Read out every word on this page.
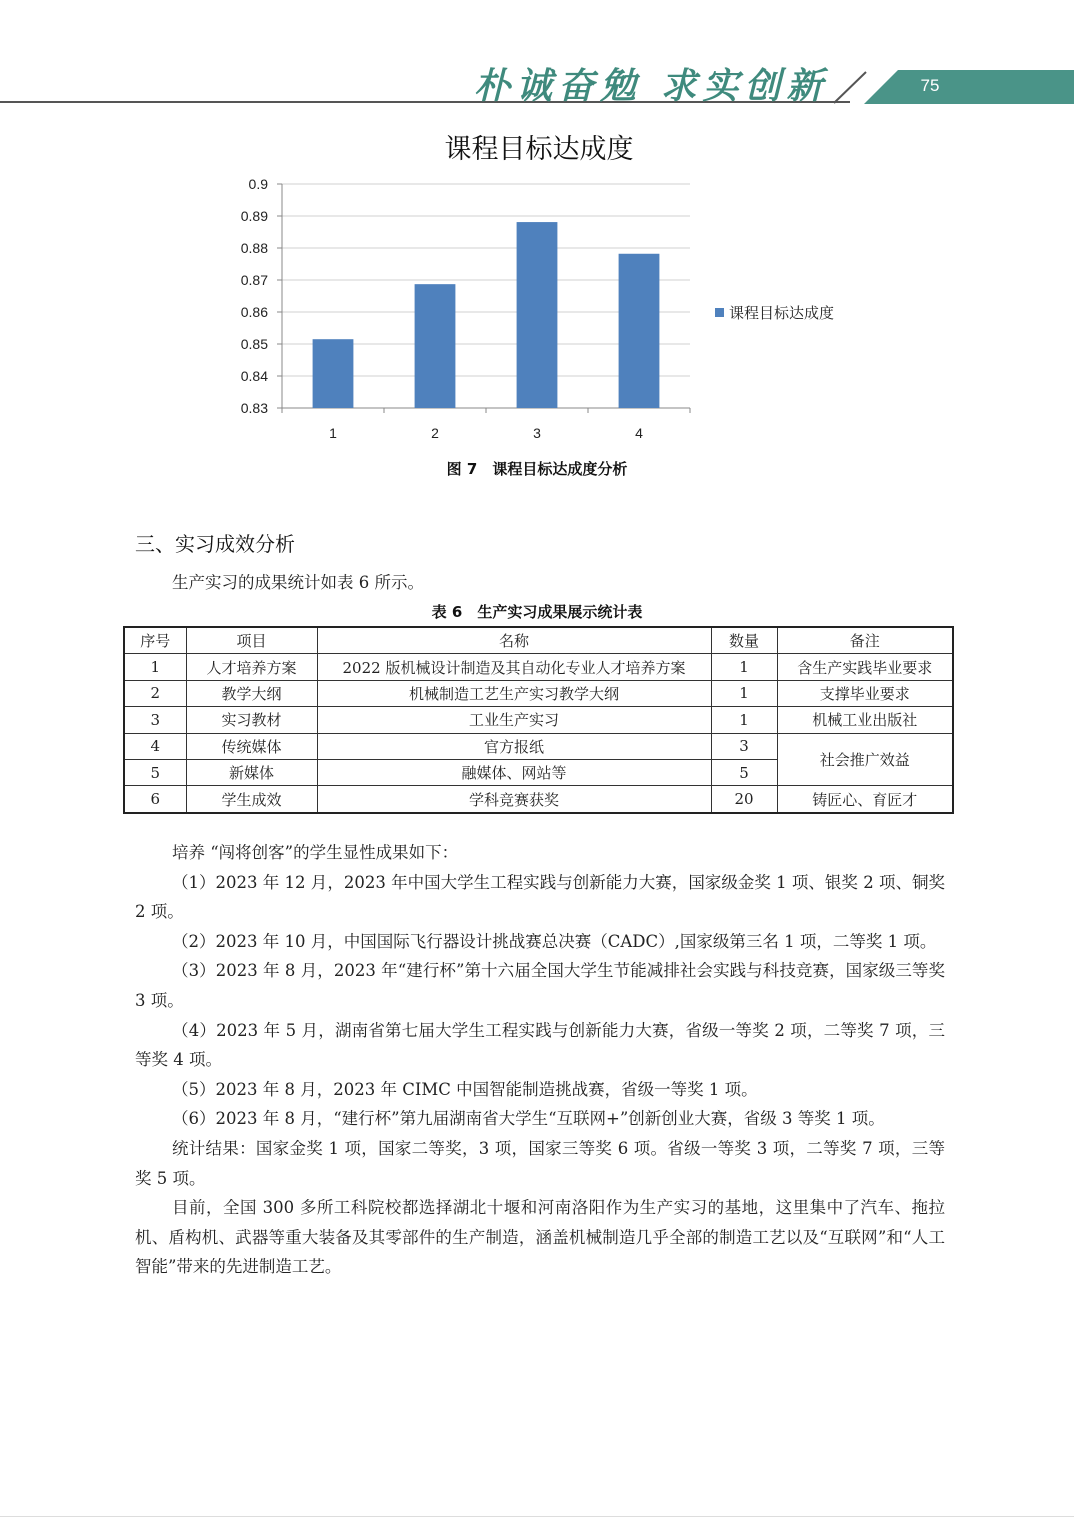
朴诚奋勉 求实创新	75
课程目标达成度
0.83
0.84
0.85
0.86
0.87
0.88
0.89
0.9
1	2	3	4
课程目标达成度
图 7　课程目标达成度分析
三、实习成效分析
生产实习的成果统计如表 6 所示。
表 6　生产实习成果展示统计表
序号	项目	名称	数量	备注
1	人才培养方案	2022 版机械设计制造及其自动化专业人才培养方案	1	含生产实践毕业要求
2	教学大纲	机械制造工艺生产实习教学大纲	1	支撑毕业要求
3	实习教材	工业生产实习	1	机械工业出版社
4	传统媒体	官方报纸	3	社会推广效益
5	新媒体	融媒体、网站等	5	
6	学生成效	学科竞赛获奖	20	铸匠心、育匠才

培养 “闯将创客”的学生显性成果如下：

（1）2023 年 12 月，2023 年中国大学生工程实践与创新能力大赛，国家级金奖 1 项、银奖 2 项、铜奖 2 项。

（2）2023 年 10 月，中国国际飞行器设计挑战赛总决赛（CADC）,国家级第三名 1 项，二等奖 1 项。

（3）2023 年 8 月，2023 年“建行杯”第十六届全国大学生节能减排社会实践与科技竞赛，国家级三等奖 3 项。

（4）2023 年 5 月，湖南省第七届大学生工程实践与创新能力大赛，省级一等奖 2 项，二等奖 7 项，三等奖 4 项。

（5）2023 年 8 月，2023 年 CIMC 中国智能制造挑战赛，省级一等奖 1 项。

（6）2023 年 8 月，“建行杯”第九届湖南省大学生“互联网+”创新创业大赛，省级 3 等奖 1 项。

统计结果：国家金奖 1 项，国家二等奖，3 项，国家三等奖 6 项。省级一等奖 3 项，二等奖 7 项，三等奖 5 项。

目前，全国 300 多所工科院校都选择湖北十堰和河南洛阳作为生产实习的基地，这里集中了汽车、拖拉机、盾构机、武器等重大装备及其零部件的生产制造，涵盖机械制造几乎全部的制造工艺以及“互联网”和“人工智能”带来的先进制造工艺。
